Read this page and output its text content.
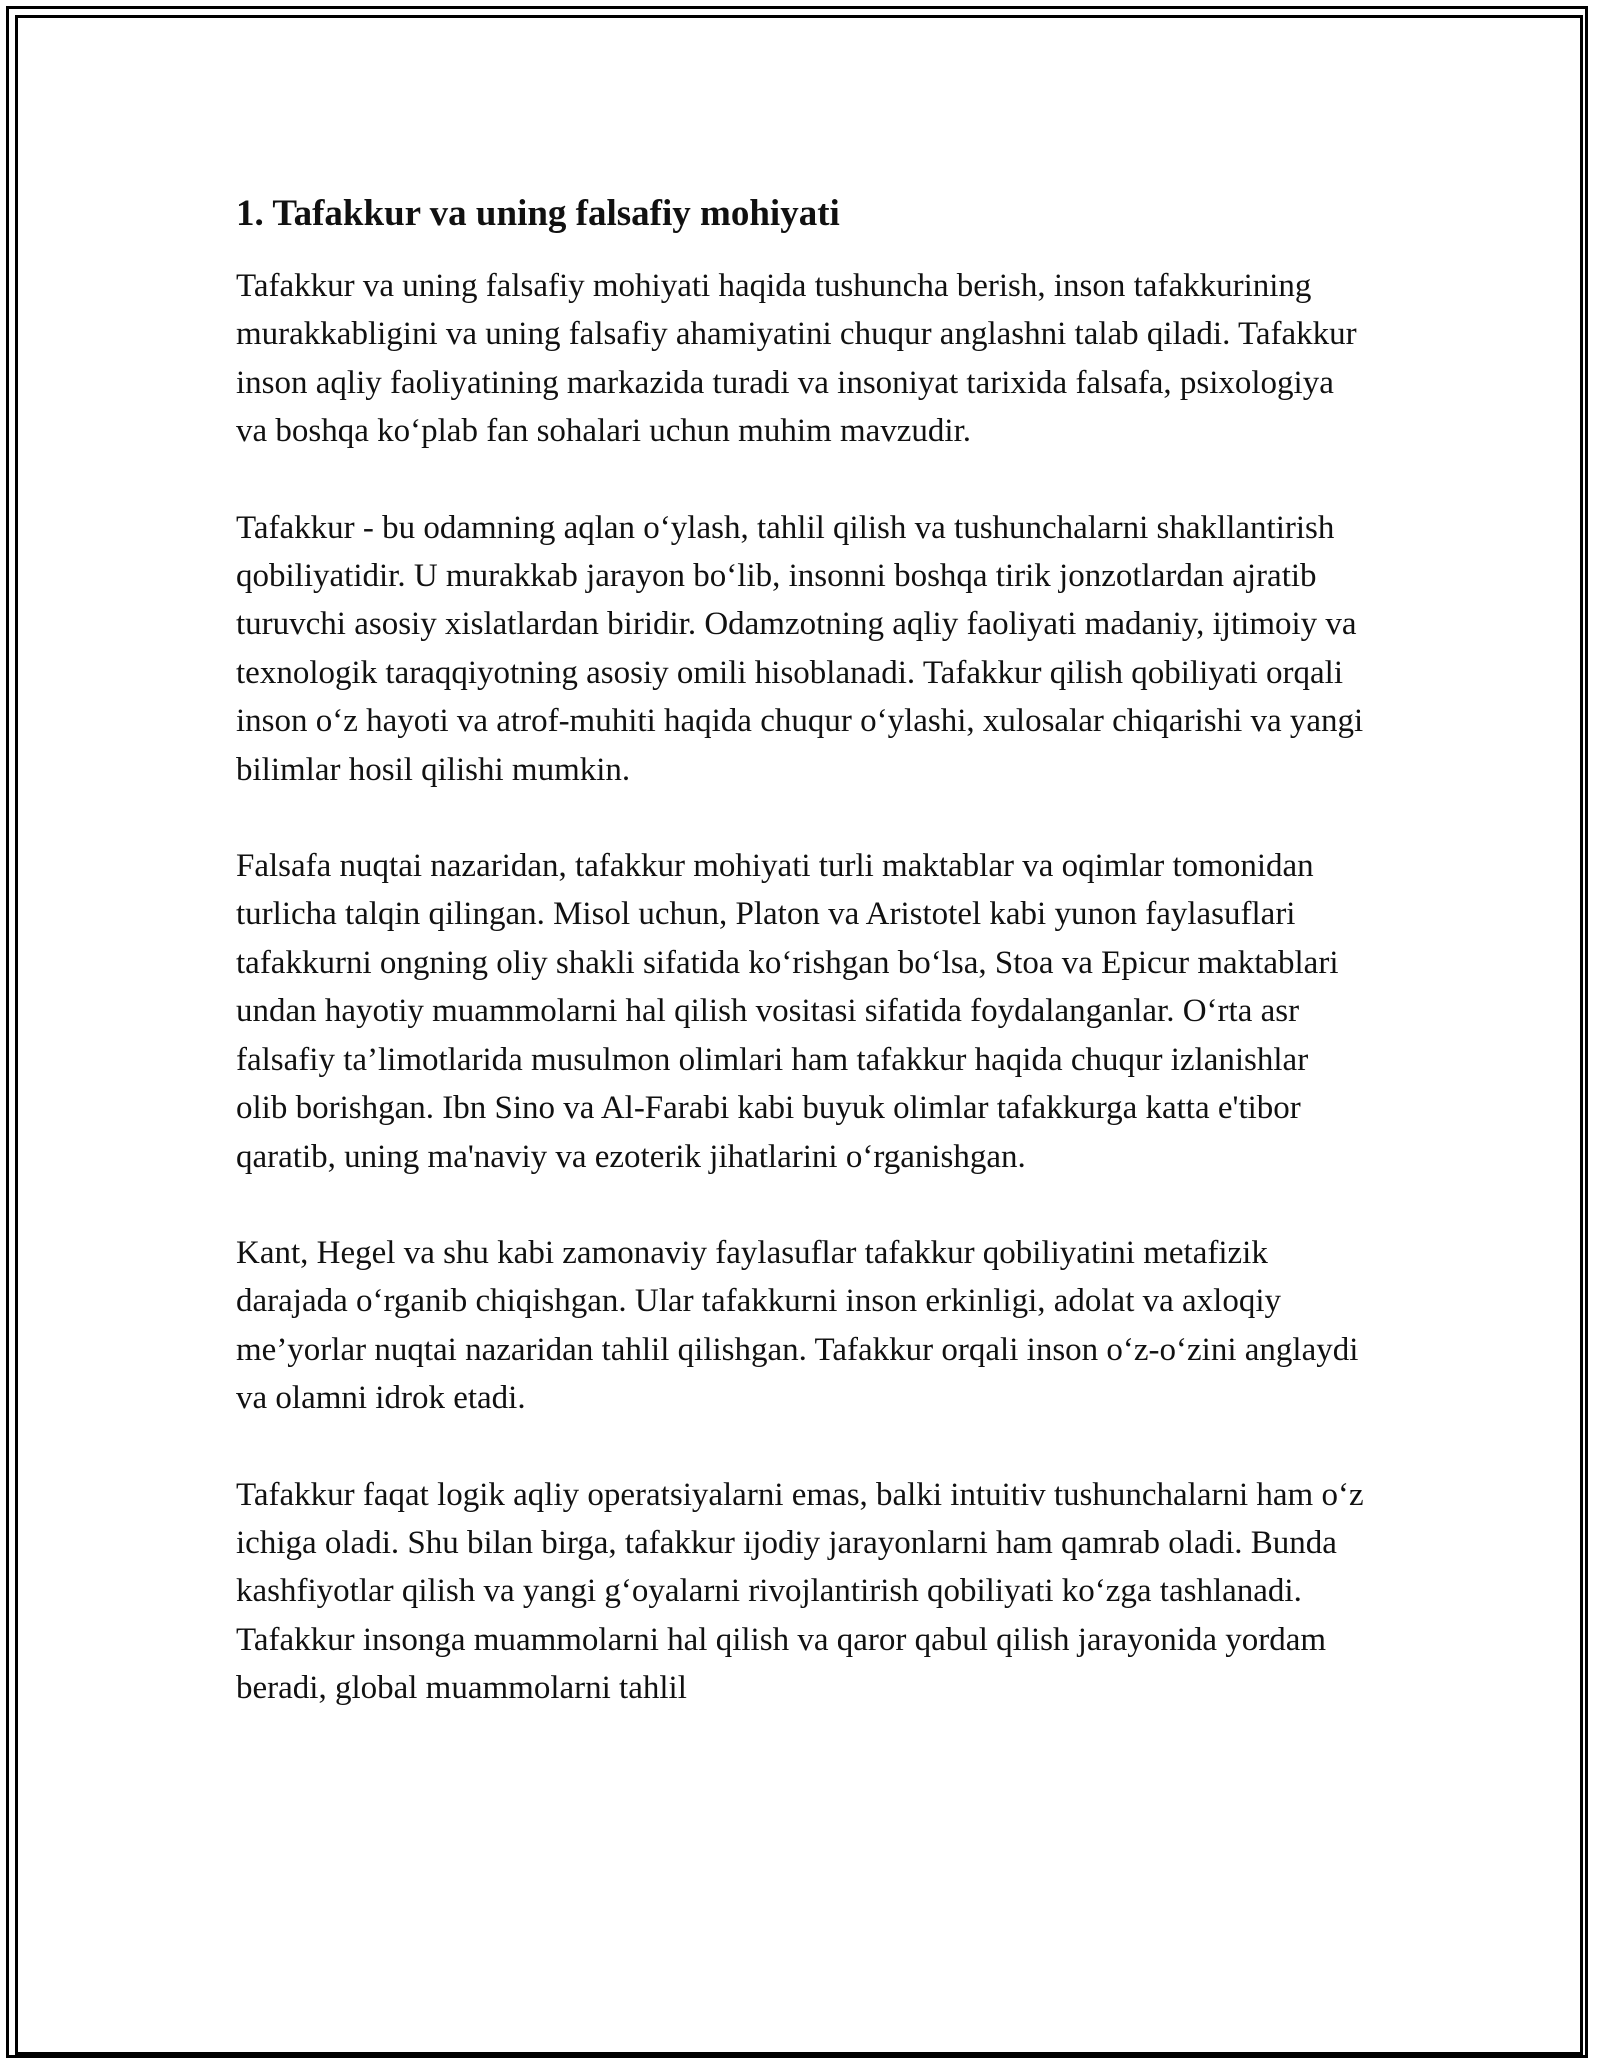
1. Tafakkur va uning falsafiy mohiyati

Tafakkur va uning falsafiy mohiyati haqida tushuncha berish, inson tafakkurining murakkabligini va uning falsafiy ahamiyatini chuqur anglashni talab qiladi. Tafakkur inson aqliy faoliyatining markazida turadi va insoniyat tarixida falsafa, psixologiya va boshqa ko‘plab fan sohalari uchun muhim mavzudir.

Tafakkur - bu odamning aqlan o‘ylash, tahlil qilish va tushunchalarni shakllantirish qobiliyatidir. U murakkab jarayon bo‘lib, insonni boshqa tirik jonzotlardan ajratib turuvchi asosiy xislatlardan biridir. Odamzotning aqliy faoliyati madaniy, ijtimoiy va texnologik taraqqiyotning asosiy omili hisoblanadi. Tafakkur qilish qobiliyati orqali inson o‘z hayoti va atrof-muhiti haqida chuqur o‘ylashi, xulosalar chiqarishi va yangi bilimlar hosil qilishi mumkin.

Falsafa nuqtai nazaridan, tafakkur mohiyati turli maktablar va oqimlar tomonidan turlicha talqin qilingan. Misol uchun, Platon va Aristotel kabi yunon faylasuflari tafakkurni ongning oliy shakli sifatida ko‘rishgan bo‘lsa, Stoa va Epicur maktablari undan hayotiy muammolarni hal qilish vositasi sifatida foydalanganlar. O‘rta asr falsafiy ta’limotlarida musulmon olimlari ham tafakkur haqida chuqur izlanishlar olib borishgan. Ibn Sino va Al-Farabi kabi buyuk olimlar tafakkurga katta e'tibor qaratib, uning ma'naviy va ezoterik jihatlarini o‘rganishgan.

Kant, Hegel va shu kabi zamonaviy faylasuflar tafakkur qobiliyatini metafizik darajada o‘rganib chiqishgan. Ular tafakkurni inson erkinligi, adolat va axloqiy me’yorlar nuqtai nazaridan tahlil qilishgan. Tafakkur orqali inson o‘z-o‘zini anglaydi va olamni idrok etadi.

Tafakkur faqat logik aqliy operatsiyalarni emas, balki intuitiv tushunchalarni ham o‘z ichiga oladi. Shu bilan birga, tafakkur ijodiy jarayonlarni ham qamrab oladi. Bunda kashfiyotlar qilish va yangi g‘oyalarni rivojlantirish qobiliyati ko‘zga tashlanadi. Tafakkur insonga muammolarni hal qilish va qaror qabul qilish jarayonida yordam beradi, global muammolarni tahlil
